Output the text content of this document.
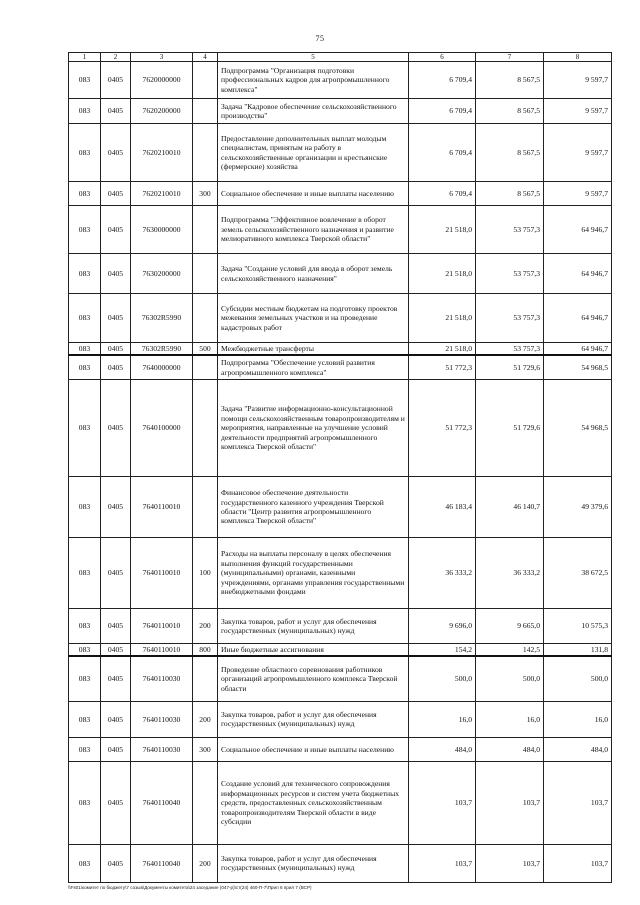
75
1	2	3	4	5	6	7	8
083	0405	7620000000		Подпрограмма "Организация подготовки профессиональных кадров для агропромышленного комплекса"	6 709,4	8 567,5	9 597,7
083	0405	7620200000		Задача "Кадровое обеспечение сельскохозяйственного производства"	6 709,4	8 567,5	9 597,7
083	0405	7620210010		Предоставление дополнительных выплат молодым специалистам, принятым на работу в сельскохозяйственные организации и крестьянские (фермерские) хозяйства	6 709,4	8 567,5	9 597,7
083	0405	7620210010	300	Социальное обеспечение и иные выплаты населению	6 709,4	8 567,5	9 597,7
083	0405	7630000000		Подпрограмма "Эффективное вовлечение в оборот земель сельскохозяйственного назначения и развитие мелиоративного комплекса Тверской области"	21 518,0	53 757,3	64 946,7
083	0405	7630200000		Задача "Создание условий для ввода в оборот земель сельскохозяйственного назначения"	21 518,0	53 757,3	64 946,7
083	0405	76302R5990		Субсидии местным бюджетам на подготовку проектов межевания земельных участков и на проведение кадастровых работ	21 518,0	53 757,3	64 946,7
083	0405	76302R5990	500	Межбюджетные трансферты	21 518,0	53 757,3	64 946,7
083	0405	7640000000		Подпрограмма "Обеспечение условий развития агропромышленного комплекса"	51 772,3	51 729,6	54 968,5
083	0405	7640100000		Задача "Развитие информационно-консультационной помощи сельскохозяйственным товаропроизводителям и мероприятия, направленные на улучшение условий деятельности предприятий агропромышленного комплекса Тверской области"	51 772,3	51 729,6	54 968,5
083	0405	7640110010		Финансовое обеспечение деятельности государственного казенного учреждения Тверской области "Центр развития агропромышленного комплекса Тверской области"	46 183,4	46 140,7	49 379,6
083	0405	7640110010	100	Расходы на выплаты персоналу в целях обеспечения выполнения функций государственными (муниципальными) органами, казенными учреждениями, органами управления государственными внебюджетными фондами	36 333,2	36 333,2	38 672,5
083	0405	7640110010	200	Закупка товаров, работ и услуг для обеспечения государственных (муниципальных) нужд	9 696,0	9 665,0	10 575,3
083	0405	7640110010	800	Иные бюджетные ассигнования	154,2	142,5	131,8
083	0405	7640110030		Проведение областного соревнования работников организаций агропромышленного комплекса Тверской области	500,0	500,0	500,0
083	0405	7640110030	200	Закупка товаров, работ и услуг для обеспечения государственных (муниципальных) нужд	16,0	16,0	16,0
083	0405	7640110030	300	Социальное обеспечение и иные выплаты населению	484,0	484,0	484,0
083	0405	7640110040		Создание условий для технического сопровождения информационных ресурсов и систем учета бюджетных средств, предоставленных сельскохозяйственным товаропроизводителям Тверской области в виде субсидии	103,7	103,7	103,7
083	0405	7640110040	200	Закупка товаров, работ и услуг для обеспечения государственных (муниципальных) нужд	103,7	103,7	103,7
\\Fs01\комитет по бюджету\7 созыв\Документы комитета\24 заседание (047-р)\ст(24) 460-П-7\Прил 6 прил 7 (ВСР)
